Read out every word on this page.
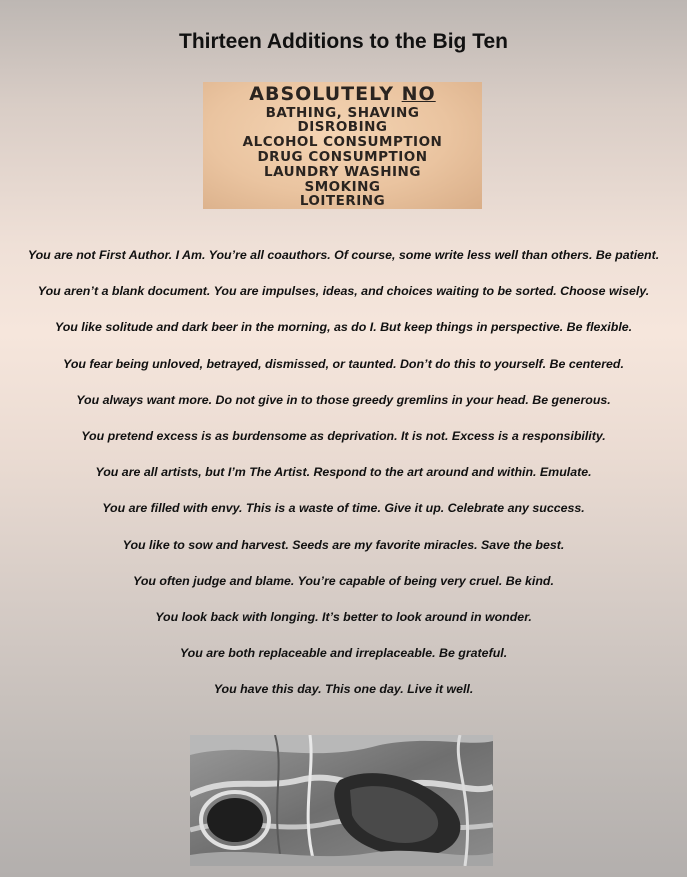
Thirteen Additions to the Big Ten
ABSOLUTELY NO
BATHING, SHAVING
DISROBING
ALCOHOL CONSUMPTION
DRUG CONSUMPTION
LAUNDRY WASHING
SMOKING
LOITERING
You are not First Author. I Am. You’re all coauthors. Of course, some write less well than others. Be patient.
You aren’t a blank document. You are impulses, ideas, and choices waiting to be sorted. Choose wisely.
You like solitude and dark beer in the morning, as do I. But keep things in perspective. Be flexible.
You fear being unloved, betrayed, dismissed, or taunted. Don’t do this to yourself. Be centered.
You always want more. Do not give in to those greedy gremlins in your head. Be generous.
You pretend excess is as burdensome as deprivation. It is not. Excess is a responsibility.
You are all artists, but I’m The Artist. Respond to the art around and within. Emulate.
You are filled with envy. This is a waste of time. Give it up. Celebrate any success.
You like to sow and harvest. Seeds are my favorite miracles. Save the best.
You often judge and blame. You’re capable of being very cruel. Be kind.
You look back with longing. It’s better to look around in wonder.
You are both replaceable and irreplaceable. Be grateful.
You have this day. This one day. Live it well.
